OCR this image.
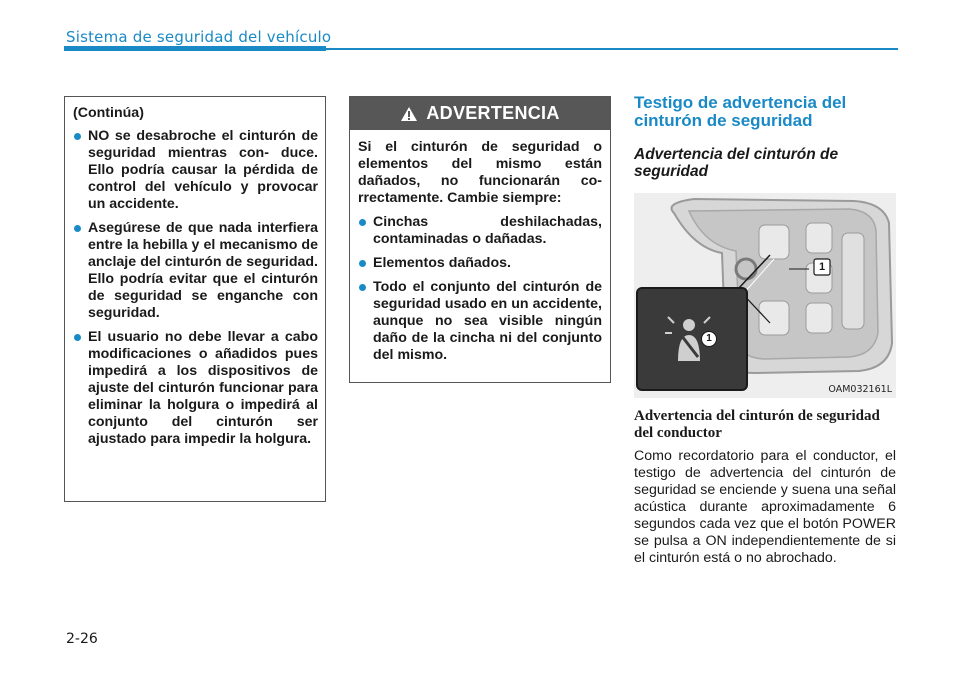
Sistema de seguridad del vehículo

(Continúa)

NO se desabroche el cinturón de seguridad mientras con- duce. Ello podría causar la pérdida de control del vehículo y provocar un accidente.
Asegúrese de que nada interfiera entre la hebilla y el mecanismo de anclaje del cinturón de seguridad. Ello podría evitar que el cinturón de seguridad se enganche con seguridad.
El usuario no debe llevar a cabo modificaciones o añadidos pues impedirá a los dispositivos de ajuste del cinturón funcionar para eliminar la holgura o impedirá al conjunto del cinturón ser ajustado para impedir la holgura.
ADVERTENCIA

Si el cinturón de seguridad o elementos del mismo están dañados, no funcionarán co- rrectamente. Cambie siempre:

Cinchas deshilachadas, contaminadas o dañadas.
Elementos dañados.
Todo el conjunto del cinturón de seguridad usado en un accidente, aunque no sea visible ningún daño de la cincha ni del conjunto del mismo.
Testigo de advertencia del cinturón de seguridad
Advertencia del cinturón de seguridad
1
1
OAM032161L
Advertencia del cinturón de seguridad del conductor

Como recordatorio para el conductor, el testigo de advertencia del cinturón de seguridad se enciende y suena una señal acústica durante aproximadamente 6 segundos cada vez que el botón POWER se pulsa a ON independientemente de si el cinturón está o no abrochado.

2-26
